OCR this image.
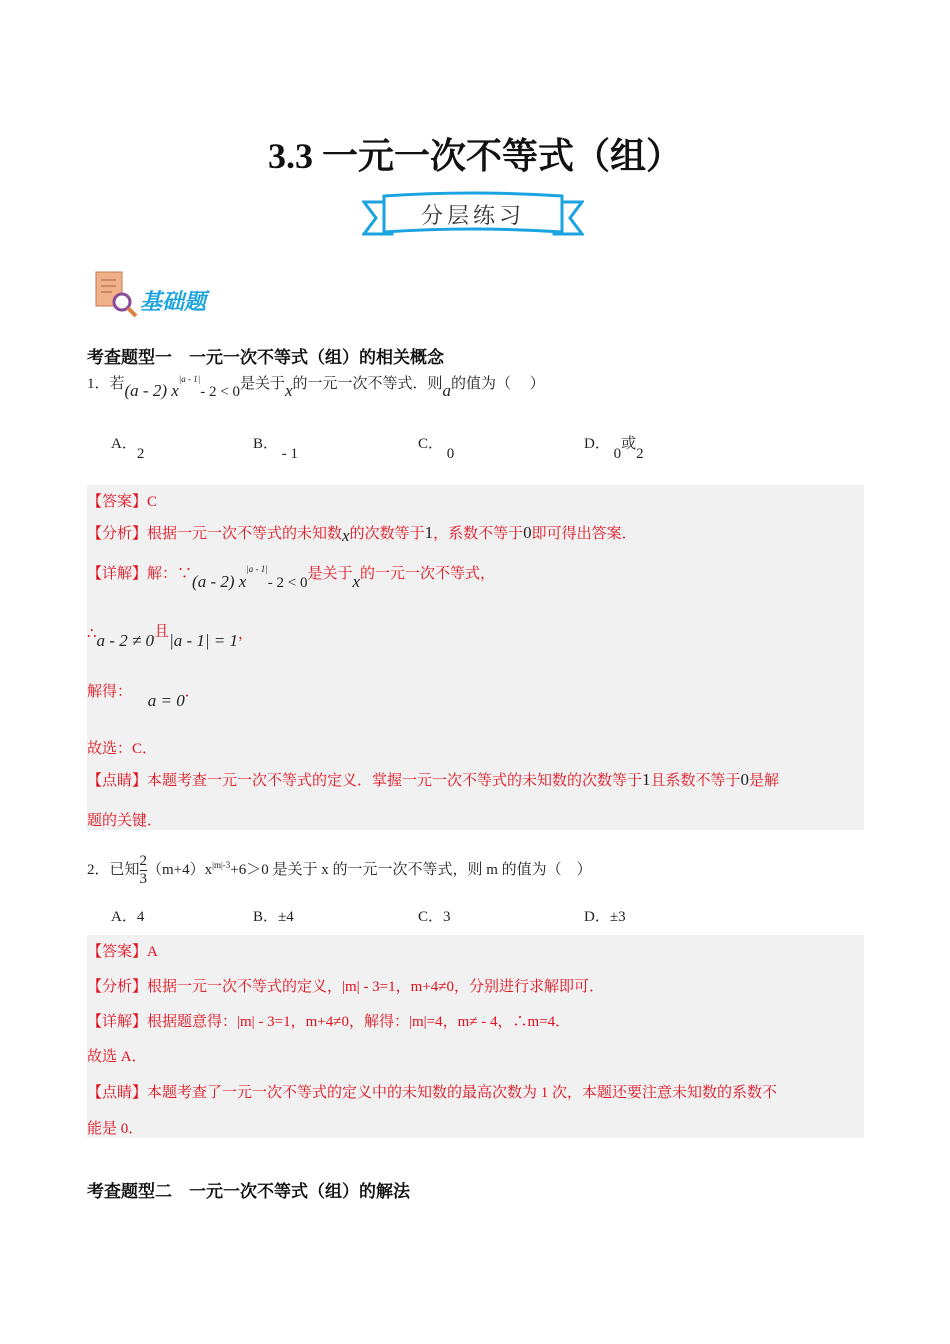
3.3 一元一次不等式（组）
分层练习
基础题
考查题型一　一元一次不等式（组）的相关概念
1．若(a - 2) $x^{|a - 1|}-$ 2 < 0是关于x的一元一次不等式．则a的值为（　 ）
A．2
B． - 1
C． 0
D． 0或2
【答案】C
【分析】根据一元一次不等式的未知数x的次数等于1，系数不等于0即可得出答案．
【详解】解：∵(a - 2) $x^{|a - 1|}-$ 2 < 0是关于x的一元一次不等式，
∴a - 2 ≠ 0且|a - 1| = 1，
解得： a = 0．
故选：C．
【点睛】本题考查一元一次不等式的定义．掌握一元一次不等式的未知数的次数等于1且系数不等于0是解
题的关键．
2．已知 $\frac{2}{3} (m+4)x^{|m|-3}+6>0$ 是关于 x 的一元一次不等式，则 m 的值为（　）
A．4	B．±4	C．3	D．±3
【答案】A
【分析】根据一元一次不等式的定义，|m| - 3=1，m+4≠0，分别进行求解即可．
【详解】根据题意得：|m| - 3=1，m+4≠0，解得：|m|=4，m≠ - 4，∴m=4．
故选 A．
【点睛】本题考查了一元一次不等式的定义中的未知数的最高次数为 1 次，本题还要注意未知数的系数不
能是 0．
考查题型二　一元一次不等式（组）的解法
